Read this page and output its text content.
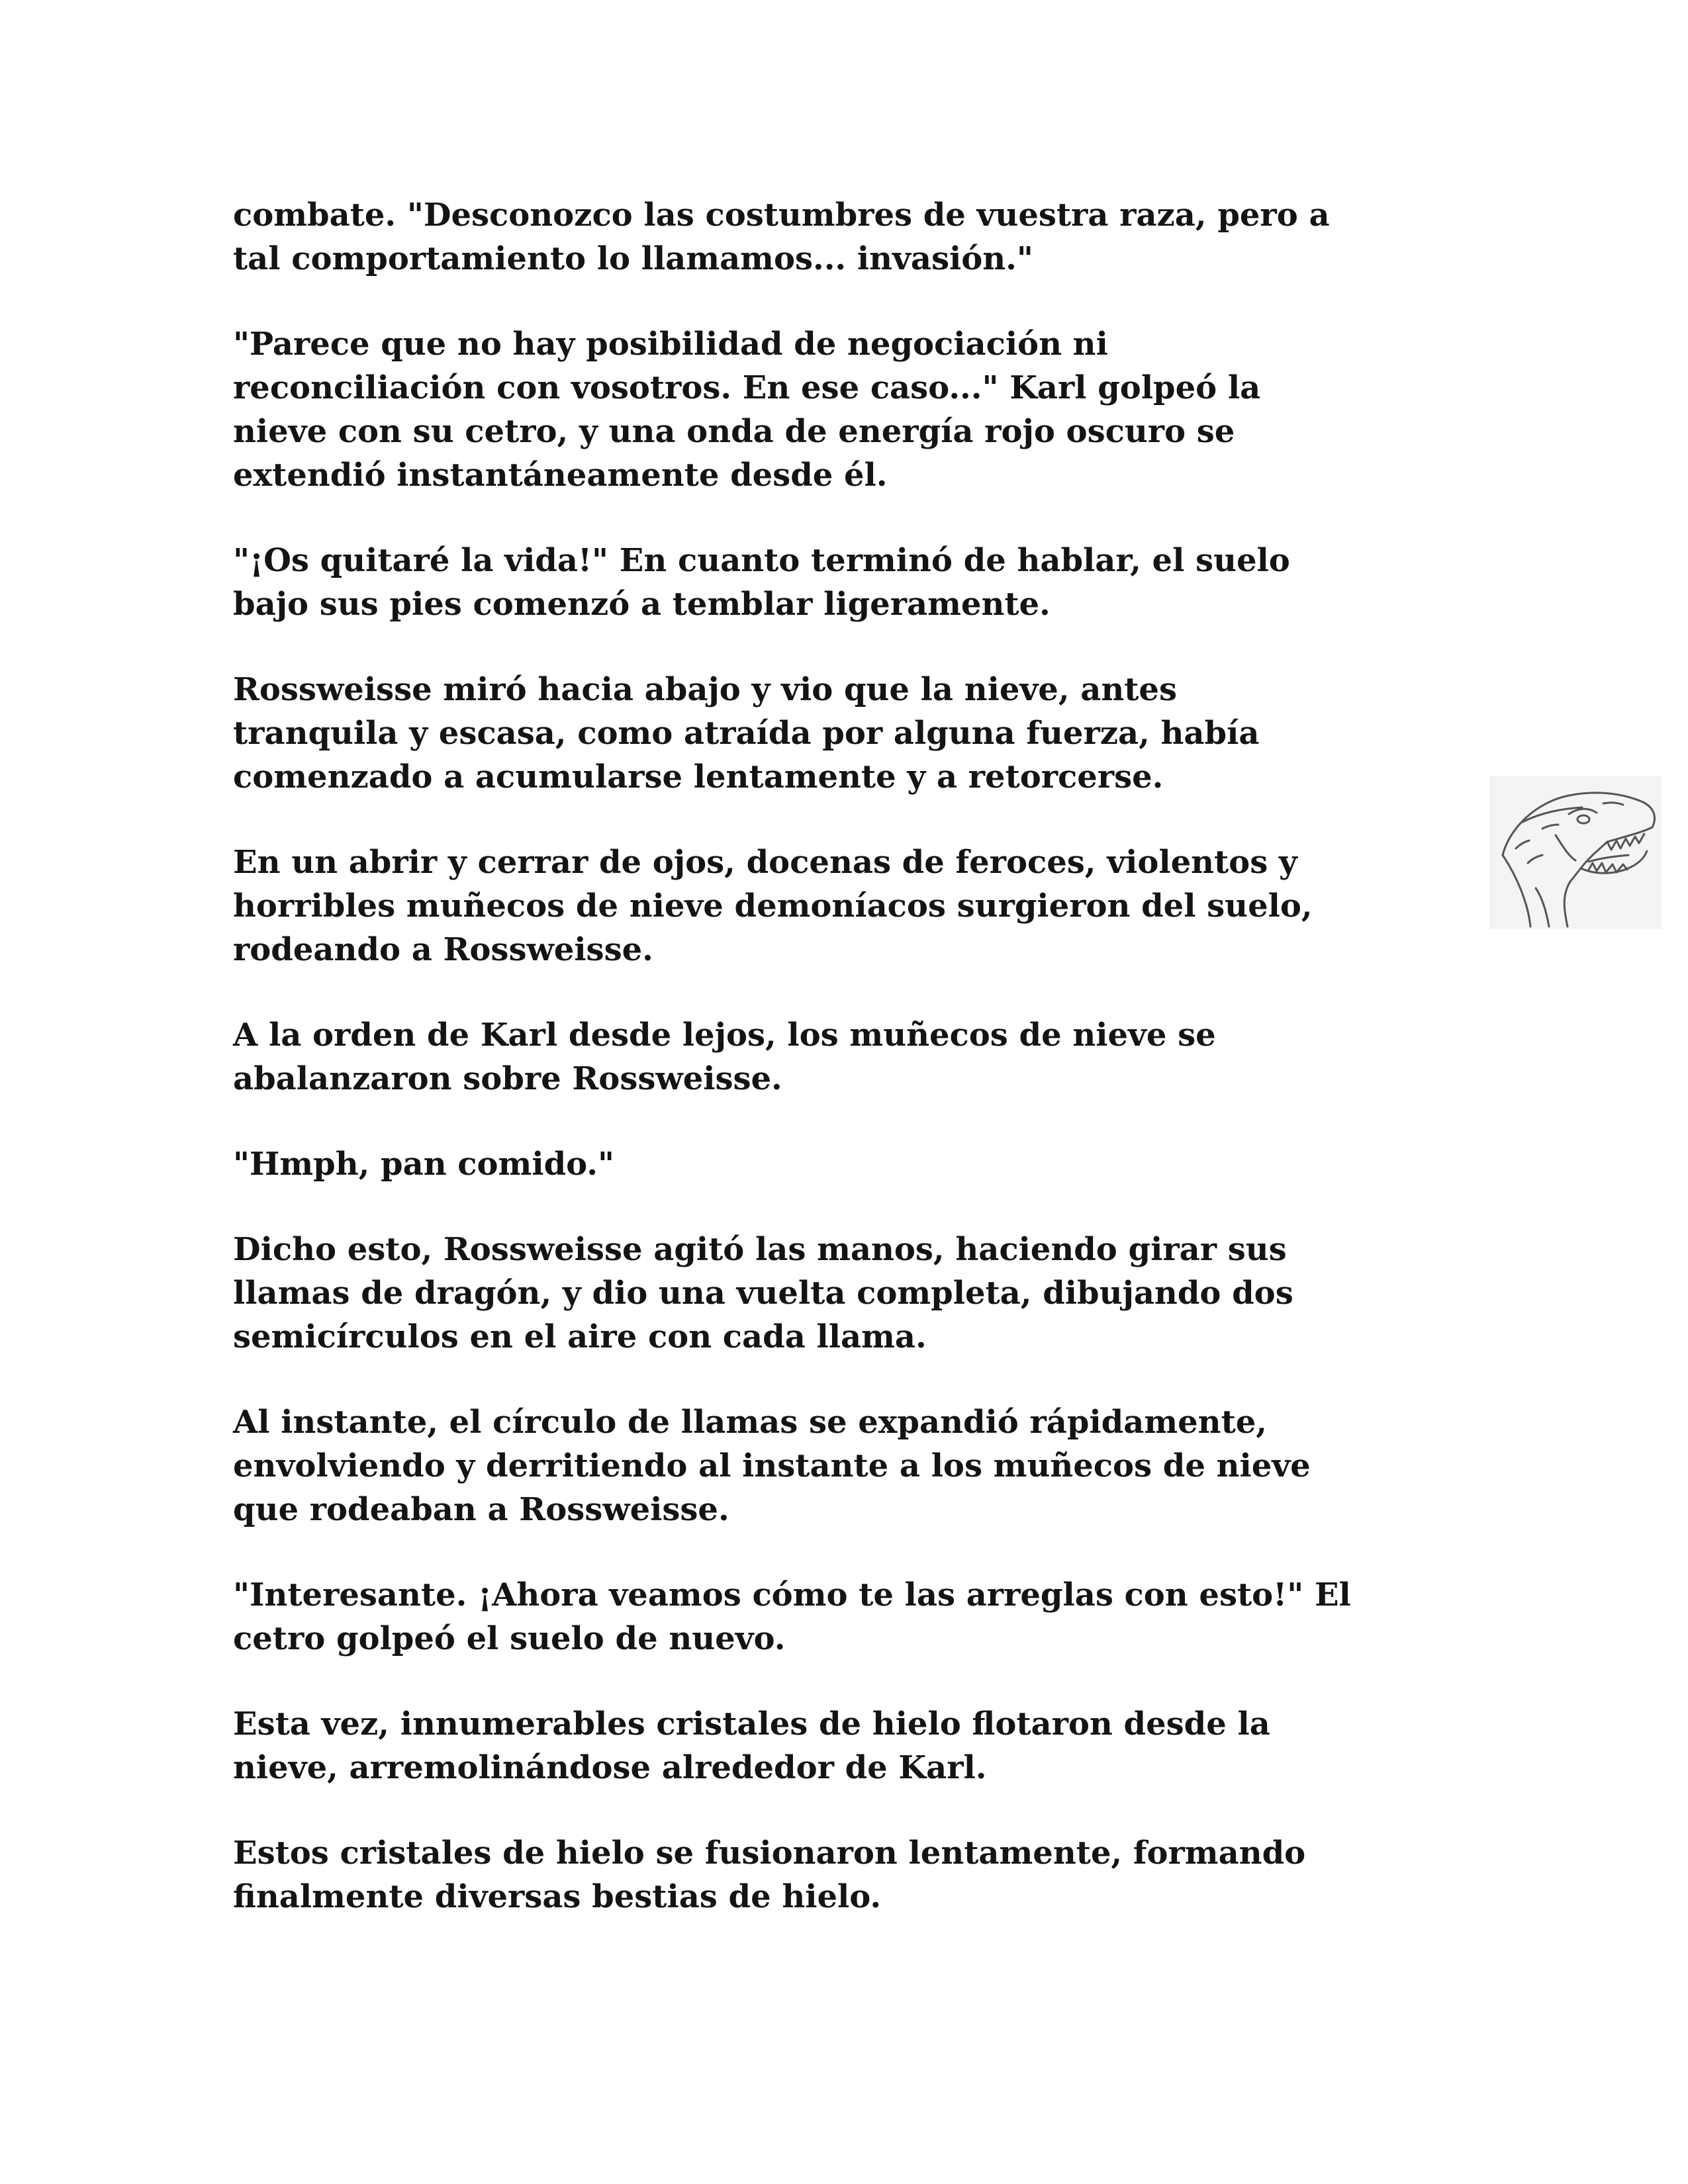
combate. "Desconozco las costumbres de vuestra raza, pero a
tal comportamiento lo llamamos... invasión."

"Parece que no hay posibilidad de negociación ni
reconciliación con vosotros. En ese caso..." Karl golpeó la
nieve con su cetro, y una onda de energía rojo oscuro se
extendió instantáneamente desde él.

"¡Os quitaré la vida!" En cuanto terminó de hablar, el suelo
bajo sus pies comenzó a temblar ligeramente.

Rossweisse miró hacia abajo y vio que la nieve, antes
tranquila y escasa, como atraída por alguna fuerza, había
comenzado a acumularse lentamente y a retorcerse.

En un abrir y cerrar de ojos, docenas de feroces, violentos y
horribles muñecos de nieve demoníacos surgieron del suelo,
rodeando a Rossweisse.

A la orden de Karl desde lejos, los muñecos de nieve se
abalanzaron sobre Rossweisse.

"Hmph, pan comido."

Dicho esto, Rossweisse agitó las manos, haciendo girar sus
llamas de dragón, y dio una vuelta completa, dibujando dos
semicírculos en el aire con cada llama.

Al instante, el círculo de llamas se expandió rápidamente,
envolviendo y derritiendo al instante a los muñecos de nieve
que rodeaban a Rossweisse.

"Interesante. ¡Ahora veamos cómo te las arreglas con esto!" El
cetro golpeó el suelo de nuevo.

Esta vez, innumerables cristales de hielo flotaron desde la
nieve, arremolinándose alrededor de Karl.

Estos cristales de hielo se fusionaron lentamente, formando
finalmente diversas bestias de hielo.
